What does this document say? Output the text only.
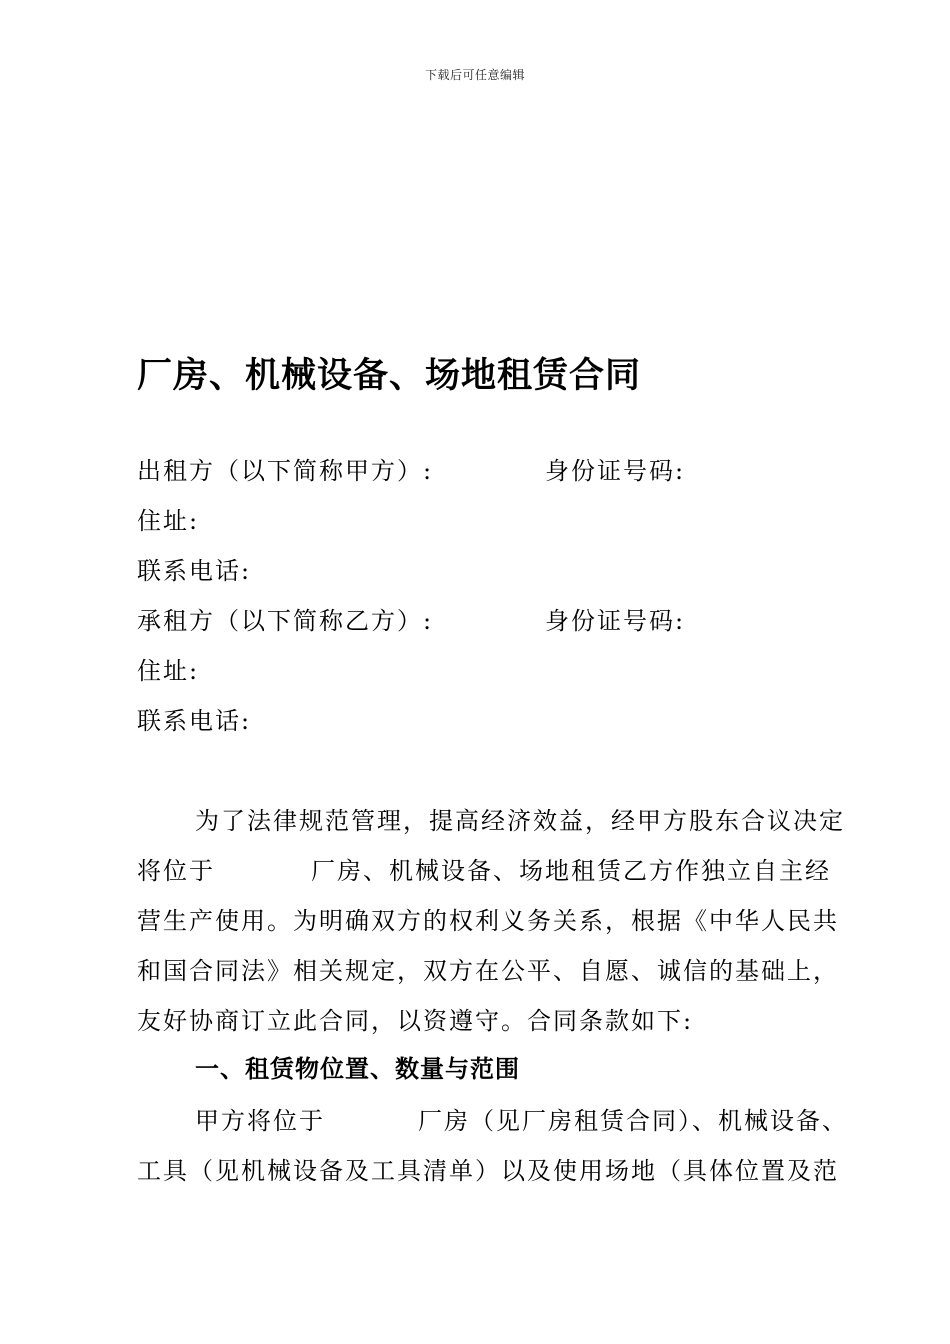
下载后可任意编辑
厂房、机械设备、场地租赁合同
出租方（以下简称甲方）:	身份证号码:
住址:
联系电话:
承租方（以下简称乙方）:	身份证号码:
住址:
联系电话:
为了法律规范管理，提高经济效益，经甲方股东合议决定
将位于	厂房、机械设备、场地租赁乙方作独立自主经
营生产使用。为明确双方的权利义务关系，根据《中华人民共
和国合同法》相关规定，双方在公平、自愿、诚信的基础上，
友好协商订立此合同，以资遵守。合同条款如下:
一、租赁物位置、数量与范围
甲方将位于	厂房（见厂房租赁合同）、机械设备、
工具（见机械设备及工具清单）以及使用场地（具体位置及范
